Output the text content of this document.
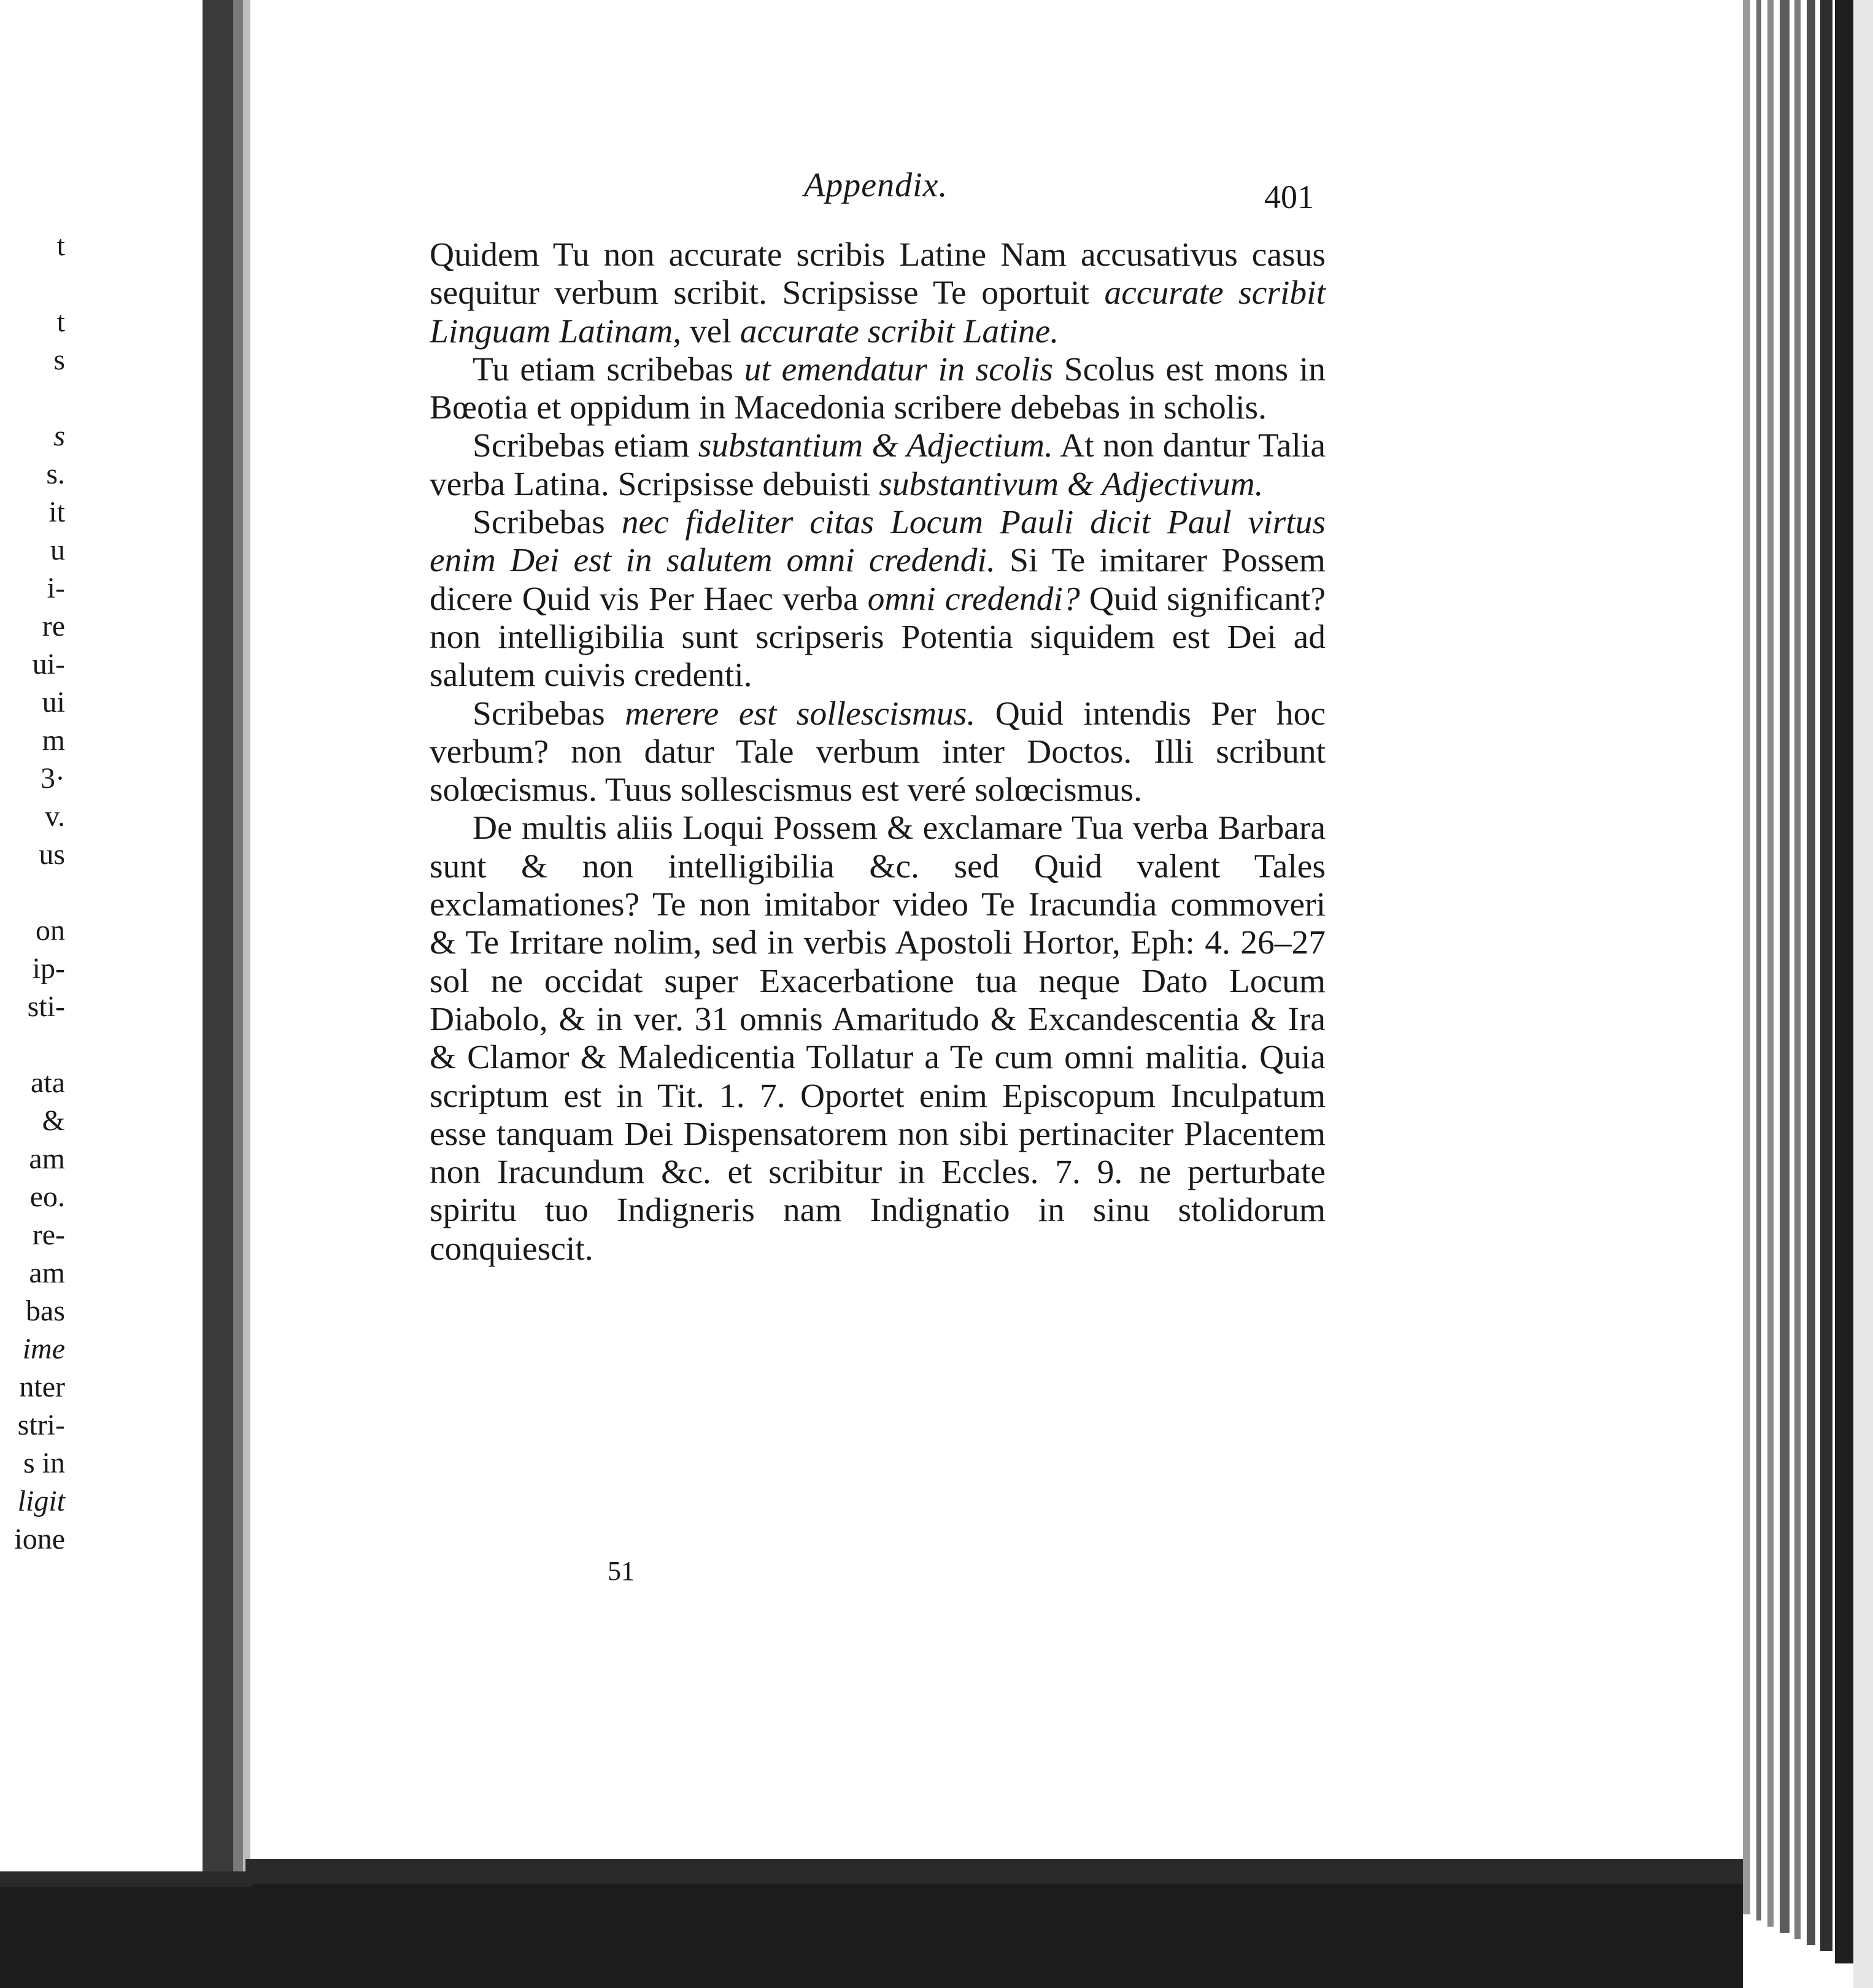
t
t
s
s
s.
it
u
i-
re
ui-
ui
m
3·
v.
us
on
ip-
sti-
ata
&
am
eo.
re-
am
bas
ime
nter
stri-
s in
ligit
ione
Appendix.	401

Quidem Tu non accurate scribis Latine Nam accusativus casus sequitur verbum scribit. Scripsisse Te oportuit accurate scribit Linguam Latinam, vel accurate scribit Latine.

Tu etiam scribebas ut emendatur in scolis Scolus est mons in Bœotia et oppidum in Macedonia scribere debebas in scholis.

Scribebas etiam substantium & Adjectium. At non dantur Talia verba Latina. Scripsisse debuisti substantivum & Adjectivum.

Scribebas nec fideliter citas Locum Pauli dicit Paul virtus enim Dei est in salutem omni credendi. Si Te imitarer Possem dicere Quid vis Per Haec verba omni credendi? Quid significant? non intelligibilia sunt scripseris Potentia siquidem est Dei ad salutem cuivis credenti.

Scribebas merere est sollescismus. Quid intendis Per hoc verbum? non datur Tale verbum inter Doctos. Illi scribunt solœcismus. Tuus sollescismus est veré solœcismus.

De multis aliis Loqui Possem & exclamare Tua verba Barbara sunt & non intelligibilia &c. sed Quid valent Tales exclamationes? Te non imitabor video Te Iracundia commoveri & Te Irritare nolim, sed in verbis Apostoli Hortor, Eph: 4. 26–27 sol ne occidat super Exacerbatione tua neque Dato Locum Diabolo, & in ver. 31 omnis Amaritudo & Excandescentia & Ira & Clamor & Maledicentia Tollatur a Te cum omni malitia. Quia scriptum est in Tit. 1. 7. Oportet enim Episcopum Inculpatum esse tanquam Dei Dispensatorem non sibi pertinaciter Placentem non Iracundum &c. et scribitur in Eccles. 7. 9. ne perturbate spiritu tuo Indigneris nam Indignatio in sinu stolidorum conquiescit.

51
